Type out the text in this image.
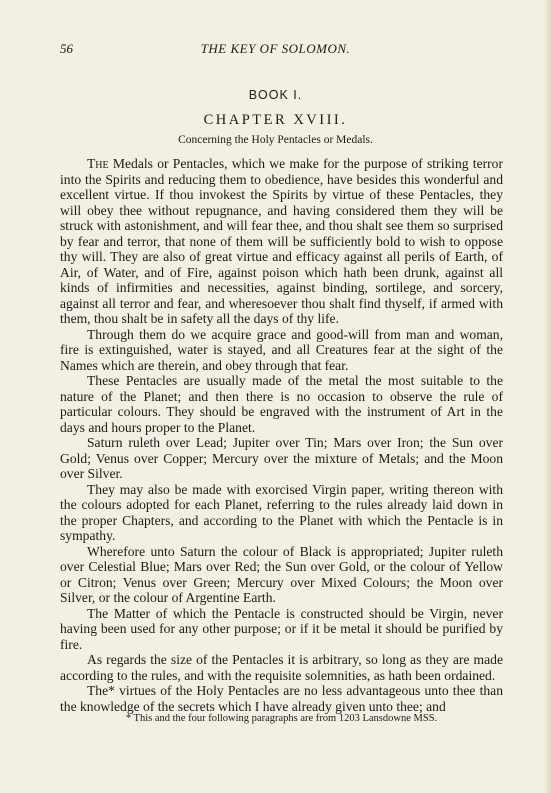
56	THE KEY OF SOLOMON.
BOOK I.
CHAPTER XVIII.
Concerning the Holy Pentacles or Medals.

The Medals or Pentacles, which we make for the purpose of striking terror into the Spirits and reducing them to obedience, have besides this wonderful and excellent virtue. If thou invokest the Spirits by virtue of these Pentacles, they will obey thee without repugnance, and having considered them they will be struck with astonishment, and will fear thee, and thou shalt see them so surprised by fear and terror, that none of them will be sufficiently bold to wish to oppose thy will. They are also of great virtue and efficacy against all perils of Earth, of Air, of Water, and of Fire, against poison which hath been drunk, against all kinds of infirmities and necessities, against binding, sortilege, and sorcery, against all terror and fear, and wheresoever thou shalt find thyself, if armed with them, thou shalt be in safety all the days of thy life.

Through them do we acquire grace and good-will from man and woman, fire is extinguished, water is stayed, and all Creatures fear at the sight of the Names which are therein, and obey through that fear.

These Pentacles are usually made of the metal the most suitable to the nature of the Planet; and then there is no occasion to observe the rule of particular colours. They should be engraved with the instrument of Art in the days and hours proper to the Planet.

Saturn ruleth over Lead; Jupiter over Tin; Mars over Iron; the Sun over Gold; Venus over Copper; Mercury over the mixture of Metals; and the Moon over Silver.

They may also be made with exorcised Virgin paper, writing thereon with the colours adopted for each Planet, referring to the rules already laid down in the proper Chapters, and according to the Planet with which the Pentacle is in sympathy.

Wherefore unto Saturn the colour of Black is appropriated; Jupiter ruleth over Celestial Blue; Mars over Red; the Sun over Gold, or the colour of Yellow or Citron; Venus over Green; Mercury over Mixed Colours; the Moon over Silver, or the colour of Argentine Earth.

The Matter of which the Pentacle is constructed should be Virgin, never having been used for any other purpose; or if it be metal it should be purified by fire.

As regards the size of the Pentacles it is arbitrary, so long as they are made according to the rules, and with the requisite solemnities, as hath been ordained.

The* virtues of the Holy Pentacles are no less advantageous unto thee than the knowledge of the secrets which I have already given unto thee; and

* This and the four following paragraphs are from 1203 Lansdowne MSS.
